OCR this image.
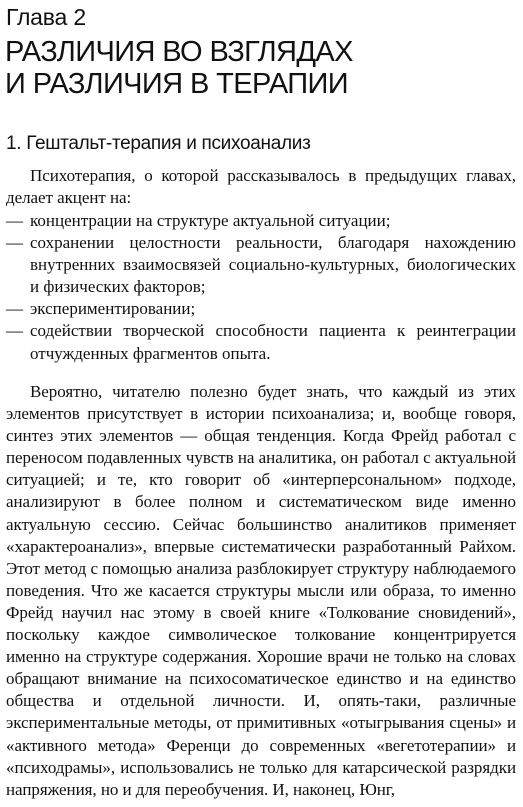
Глава 2
РАЗЛИЧИЯ ВО ВЗГЛЯДАХ
И РАЗЛИЧИЯ В ТЕРАПИИ
1. Гештальт-терапия и психоанализ

Психотерапия, о которой рассказывалось в предыдущих главах, делает акцент на:

— концентрации на структуре актуальной ситуации;
— сохранении целостности реальности, благодаря нахождению внутренних взаимосвязей социально-культурных, биологических и физических факторов;
— экспериментировании;
— содействии творческой способности пациента к реинтеграции отчужденных фрагментов опыта.

Вероятно, читателю полезно будет знать, что каждый из этих элементов присутствует в истории психоанализа; и, вообще говоря, синтез этих элементов — общая тенденция. Когда Фрейд работал с переносом подавленных чувств на аналитика, он работал с актуальной ситуацией; и те, кто говорит об «интерперсональном» подходе, анализируют в более полном и систематическом виде именно актуальную сессию. Сейчас большинство аналитиков применяет «характероанализ», впервые систематически разработанный Райхом. Этот метод с помощью анализа разблокирует структуру наблюдаемого поведения. Что же касается структуры мысли или образа, то именно Фрейд научил нас этому в своей книге «Толкование сновидений», поскольку каждое символическое толкование концентрируется именно на структуре содержания. Хорошие врачи не только на словах обращают внимание на психосоматическое единство и на единство общества и отдельной личности. И, опять-таки, различные экспериментальные методы, от примитивных «отыгрывания сцены» и «активного метода» Ференци до современных «вегетотерапии» и «психодрамы», использовались не только для катарсической разрядки напряжения, но и для переобучения. И, наконец, Юнг,
